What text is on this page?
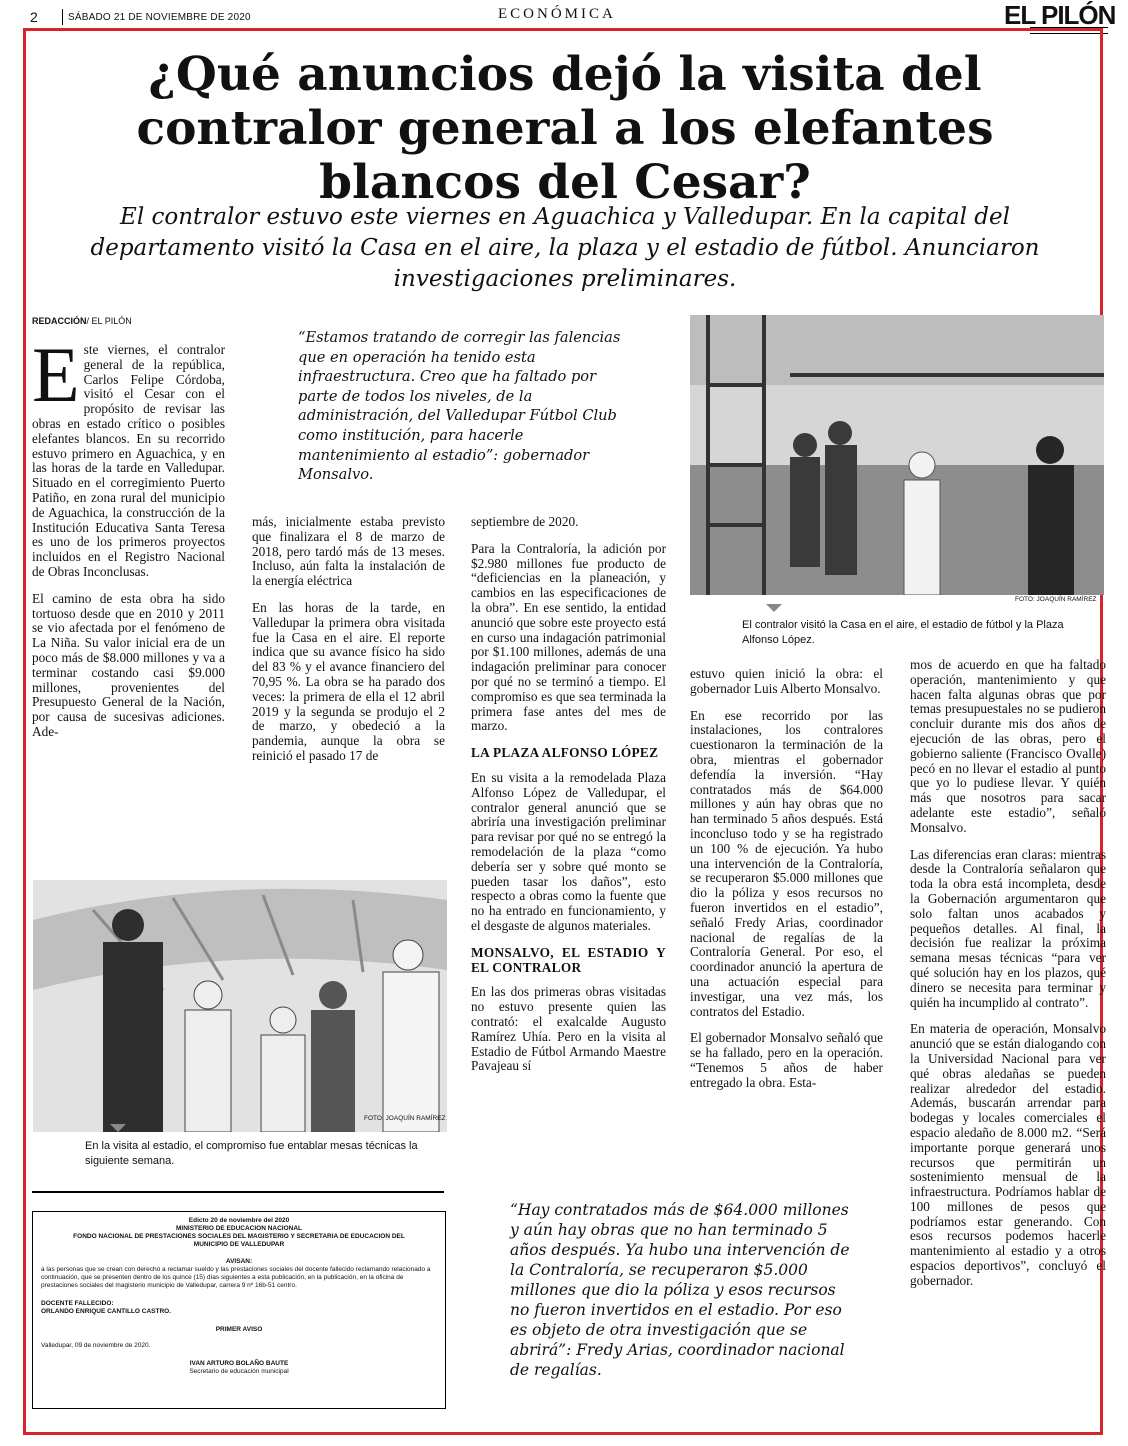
2	SÁBADO 21 DE NOVIEMBRE DE 2020	ECONÓMICA	EL PILÓN

¿Qué anuncios dejó la visita del contralor general a los elefantes blancos del Cesar?
El contralor estuvo este viernes en Aguachica y Valledupar. En la capital del departamento visitó la Casa en el aire, la plaza y el estadio de fútbol. Anunciaron investigaciones preliminares.
REDACCIÓN/ EL PILÓN

Este viernes, el contralor general de la república, Carlos Felipe Córdoba, visitó el Cesar con el propósito de revisar las obras en estado crítico o posibles elefantes blancos. En su recorrido estuvo primero en Aguachica, y en las horas de la tarde en Valledupar. Situado en el corregimiento Puerto Patiño, en zona rural del municipio de Aguachica, la construcción de la Institución Educativa Santa Teresa es uno de los primeros proyectos incluidos en el Registro Nacional de Obras Inconclusas.

El camino de esta obra ha sido tortuoso desde que en 2010 y 2011 se vio afectada por el fenómeno de La Niña. Su valor inicial era de un poco más de $8.000 millones y va a terminar costando casi $9.000 millones, provenientes del Presupuesto General de la Nación, por causa de sucesivas adiciones. Ade-

“Estamos tratando de corregir las falencias que en operación ha tenido esta infraestructura. Creo que ha faltado por parte de todos los niveles, de la administración, del Valledupar Fútbol Club como institución, para hacerle mantenimiento al estadio”: gobernador Monsalvo.

más, inicialmente estaba previsto que finalizara el 8 de marzo de 2018, pero tardó más de 13 meses. Incluso, aún falta la instalación de la energía eléctrica

En las horas de la tarde, en Valledupar la primera obra visitada fue la Casa en el aire. El reporte indica que su avance físico ha sido del 83 % y el avance financiero del 70,95 %. La obra se ha parado dos veces: la primera de ella el 12 abril 2019 y la segunda se produjo el 2 de marzo, y obedeció a la pandemia, aunque la obra se reinició el pasado 17 de

septiembre de 2020.

Para la Contraloría, la adición por $2.980 millones fue producto de “deficiencias en la planeación, y cambios en las especificaciones de la obra”. En ese sentido, la entidad anunció que sobre este proyecto está en curso una indagación patrimonial por $1.100 millones, además de una indagación preliminar para conocer por qué no se terminó a tiempo. El compromiso es que sea terminada la primera fase antes del mes de marzo.

LA PLAZA ALFONSO LÓPEZ

En su visita a la remodelada Plaza Alfonso López de Valledupar, el contralor general anunció que se abriría una investigación preliminar para revisar por qué no se entregó la remodelación de la plaza “como debería ser y sobre qué monto se pueden tasar los daños”, esto respecto a obras como la fuente que no ha entrado en funcionamiento, y el desgaste de algunos materiales.

MONSALVO, EL ESTADIO Y EL CONTRALOR

En las dos primeras obras visitadas no estuvo presente quien las contrató: el exalcalde Augusto Ramírez Uhía. Pero en la visita al Estadio de Fútbol Armando Maestre Pavajeau sí

FOTO: JOAQUÍN RAMÍREZ
El contralor visitó la Casa en el aire, el estadio de fútbol y la Plaza Alfonso López.

estuvo quien inició la obra: el gobernador Luis Alberto Monsalvo.

En ese recorrido por las instalaciones, los contralores cuestionaron la terminación de la obra, mientras el gobernador defendía la inversión. “Hay contratados más de $64.000 millones y aún hay obras que no han terminado 5 años después. Está inconcluso todo y se ha registrado un 100 % de ejecución. Ya hubo una intervención de la Contraloría, se recuperaron $5.000 millones que dio la póliza y esos recursos no fueron invertidos en el estadio”, señaló Fredy Arias, coordinador nacional de regalías de la Contraloría General. Por eso, el coordinador anunció la apertura de una actuación especial para investigar, una vez más, los contratos del Estadio.

El gobernador Monsalvo señaló que se ha fallado, pero en la operación. “Tenemos 5 años de haber entregado la obra. Esta-

mos de acuerdo en que ha faltado operación, mantenimiento y que hacen falta algunas obras que por temas presupuestales no se pudieron concluir durante mis dos años de ejecución de las obras, pero el gobierno saliente (Francisco Ovalle) pecó en no llevar el estadio al punto que yo lo pudiese llevar. Y quién más que nosotros para sacar adelante este estadio”, señaló Monsalvo.

Las diferencias eran claras: mientras desde la Contraloría señalaron que toda la obra está incompleta, desde la Gobernación argumentaron que solo faltan unos acabados y pequeños detalles. Al final, la decisión fue realizar la próxima semana mesas técnicas “para ver qué solución hay en los plazos, qué dinero se necesita para terminar y quién ha incumplido al contrato”.

En materia de operación, Monsalvo anunció que se están dialogando con la Universidad Nacional para ver qué obras aledañas se pueden realizar alrededor del estadio. Además, buscarán arrendar para bodegas y locales comerciales el espacio aledaño de 8.000 m2. “Será importante porque generará unos recursos que permitirán un sostenimiento mensual de la infraestructura. Podríamos hablar de 100 millones de pesos que podríamos estar generando. Con esos recursos podemos hacerle mantenimiento al estadio y a otros espacios deportivos”, concluyó el gobernador.

FOTO: JOAQUÍN RAMÍREZ
En la visita al estadio, el compromiso fue entablar mesas técnicas la siguiente semana.
Edicto 20 de noviembre del 2020
MINISTERIO DE EDUCACION NACIONAL
FONDO NACIONAL DE PRESTACIONES SOCIALES DEL MAGISTERIO Y SECRETARIA DE EDUCACION DEL MUNICIPIO DE VALLEDUPAR
AVISAN:
a las personas que se crean con derecho a reclamar sueldo y las prestaciones sociales del docente fallecido reclamando relacionado a continuación, que se presenten dentro de los quince (15) días siguientes a esta publicación, en la publicación, en la oficina de prestaciones sociales del magisterio municipio de Valledupar, carrera 9 nº 16b-51 centro.
DOCENTE FALLECIDO:
ORLANDO ENRIQUE CANTILLO CASTRO.
PRIMER AVISO
Valledupar, 09 de noviembre de 2020.
IVAN ARTURO BOLAÑO BAUTE
Secretario de educación municipal
“Hay contratados más de $64.000 millones y aún hay obras que no han terminado 5 años después. Ya hubo una intervención de la Contraloría, se recuperaron $5.000 millones que dio la póliza y esos recursos no fueron invertidos en el estadio. Por eso es objeto de otra investigación que se abrirá”: Fredy Arias, coordinador nacional de regalías.
